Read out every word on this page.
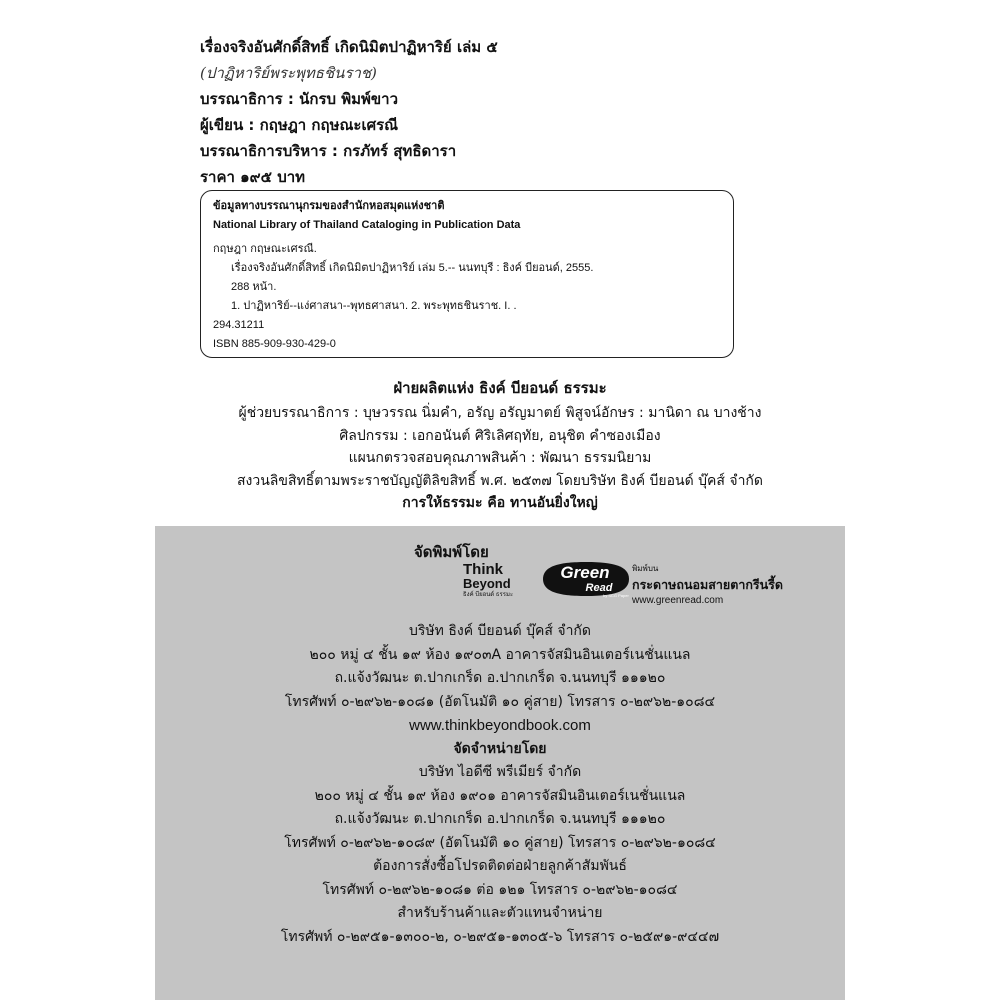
เรื่องจริงอันศักดิ์สิทธิ์ เกิดนิมิตปาฏิหาริย์ เล่ม ๕
(ปาฏิหาริย์พระพุทธชินราช)
บรรณาธิการ : นักรบ พิมพ์ขาว
ผู้เขียน : กฤษฎา กฤษณะเศรณี
บรรณาธิการบริหาร : กรภัทร์ สุทธิดารา
ราคา ๑๙๕ บาท
ข้อมูลทางบรรณานุกรมของสำนักหอสมุดแห่งชาติ
National Library of Thailand Cataloging in Publication Data
กฤษฎา กฤษณะเศรณี.
เรื่องจริงอันศักดิ์สิทธิ์ เกิดนิมิตปาฏิหาริย์ เล่ม 5.-- นนทบุรี : ธิงค์ บียอนด์, 2555.
288 หน้า.
1. ปาฏิหาริย์--แง่ศาสนา--พุทธศาสนา. 2. พระพุทธชินราช. I. .
294.31211
ISBN 885-909-930-429-0
ฝ่ายผลิตแห่ง ธิงค์ บียอนด์ ธรรมะ
ผู้ช่วยบรรณาธิการ : บุษวรรณ นิ่มคำ, อรัญ อรัญมาตย์ พิสูจน์อักษร : มานิดา ณ บางช้าง
ศิลปกรรม : เอกอนันต์ ศิริเลิศฤทัย, อนุชิต คำซองเมือง
แผนกตรวจสอบคุณภาพสินค้า : พัฒนา ธรรมนิยาม
สงวนลิขสิทธิ์ตามพระราชบัญญัติลิขสิทธิ์ พ.ศ. ๒๕๓๗ โดยบริษัท ธิงค์ บียอนด์ บุ๊คส์ จำกัด
การให้ธรรมะ คือ ทานอันยิ่งใหญ่
จัดพิมพ์โดย
Think
Beyond
ธิงค์ บียอนด์ ธรรมะ
Green
Read
by SCG Paper
พิมพ์บน
กระดาษถนอมสายตากรีนรี้ด
www.greenread.com
บริษัท ธิงค์ บียอนด์ บุ๊คส์ จำกัด
๒๐๐ หมู่ ๔ ชั้น ๑๙ ห้อง ๑๙๐๓A อาคารจัสมินอินเตอร์เนชั่นแนล
ถ.แจ้งวัฒนะ ต.ปากเกร็ด อ.ปากเกร็ด จ.นนทบุรี ๑๑๑๒๐
โทรศัพท์ ๐-๒๙๖๒-๑๐๘๑ (อัตโนมัติ ๑๐ คู่สาย) โทรสาร ๐-๒๙๖๒-๑๐๘๔
www.thinkbeyondbook.com
จัดจำหน่ายโดย
บริษัท ไอดีซี พรีเมียร์ จำกัด
๒๐๐ หมู่ ๔ ชั้น ๑๙ ห้อง ๑๙๐๑ อาคารจัสมินอินเตอร์เนชั่นแนล
ถ.แจ้งวัฒนะ ต.ปากเกร็ด อ.ปากเกร็ด จ.นนทบุรี ๑๑๑๒๐
โทรศัพท์ ๐-๒๙๖๒-๑๐๘๙ (อัตโนมัติ ๑๐ คู่สาย) โทรสาร ๐-๒๙๖๒-๑๐๘๔
ต้องการสั่งซื้อโปรดติดต่อฝ่ายลูกค้าสัมพันธ์
โทรศัพท์ ๐-๒๙๖๒-๑๐๘๑ ต่อ ๑๒๑ โทรสาร ๐-๒๙๖๒-๑๐๘๔
สำหรับร้านค้าและตัวแทนจำหน่าย
โทรศัพท์ ๐-๒๙๕๑-๑๓๐๐-๒, ๐-๒๙๕๑-๑๓๐๕-๖ โทรสาร ๐-๒๕๙๑-๙๔๔๗
